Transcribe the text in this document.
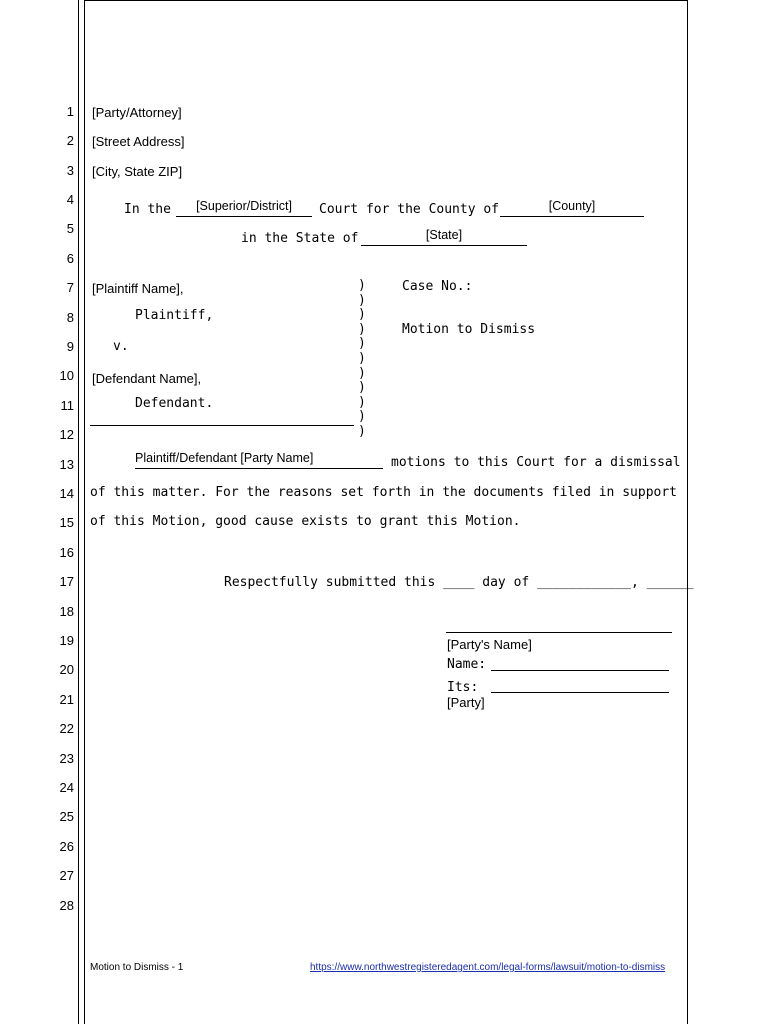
1
2
3
4
5
6
7
8
9
10
11
12
13
14
15
16
17
18
19
20
21
22
23
24
25
26
27
28
[Party/Attorney]
[Street Address]
[City, State ZIP]
In the	[Superior/District]	Court for the County of	[County]
in the State of	[State]
[Plaintiff Name],
Plaintiff,
v.
[Defendant Name],
Defendant.
)
)
)
)
)
)
)
)
)
)
)
Case No.:
Motion to Dismiss
Plaintiff/Defendant [Party Name]	motions to this Court for a dismissal
of this matter. For the reasons set forth in the documents filed in support
of this Motion, good cause exists to grant this Motion.
Respectfully submitted this ____ day of ____________, ______
[Party's Name]
Name:
Its:
[Party]
Motion to Dismiss - 1	https://www.northwestregisteredagent.com/legal-forms/lawsuit/motion-to-dismiss
